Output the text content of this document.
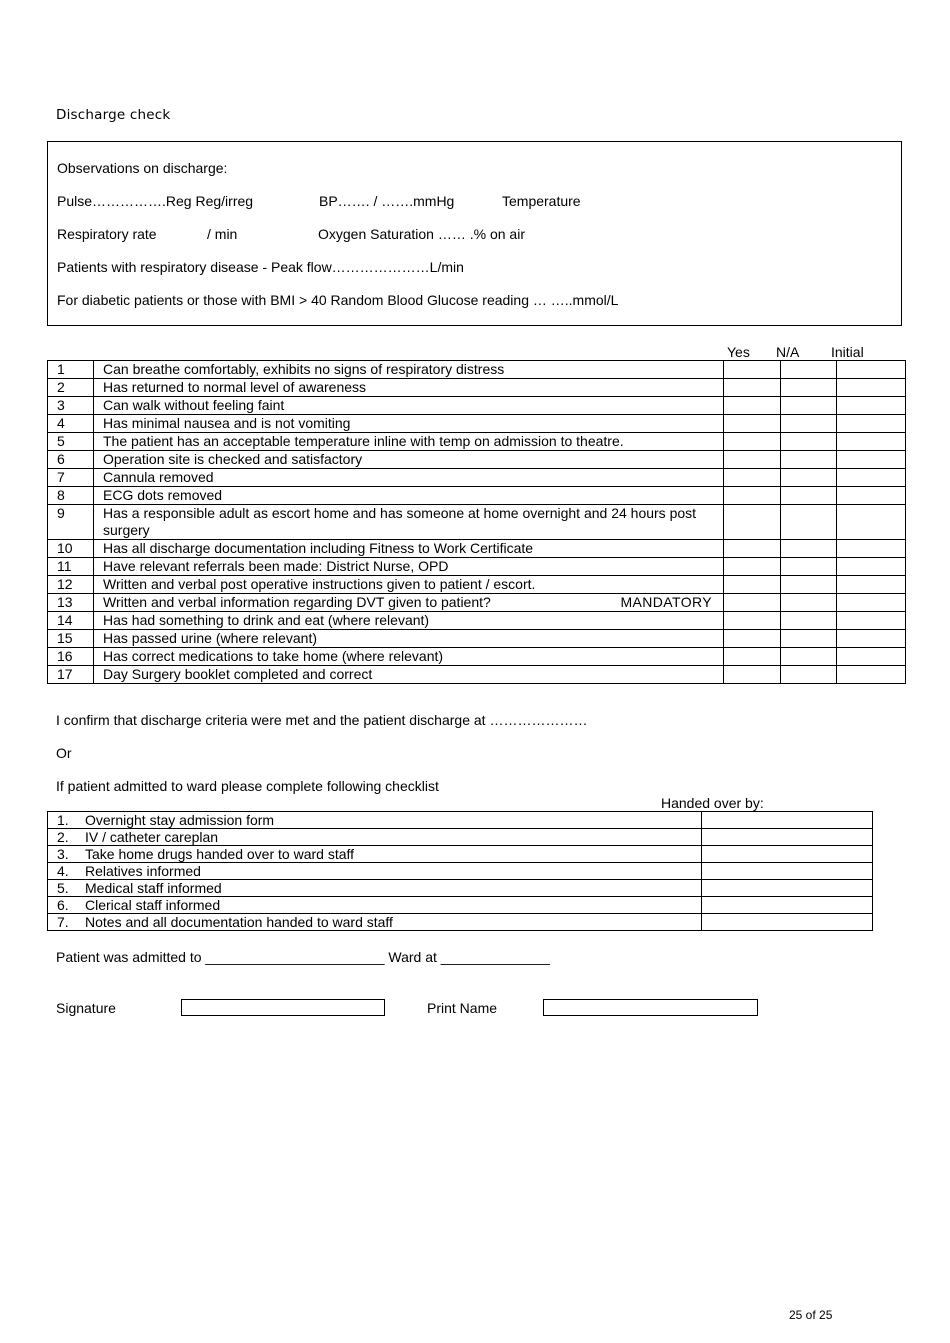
Discharge check
Observations on discharge:
Pulse…………….Reg Reg/irreg	BP……. / …….mmHg	Temperature
Respiratory rate	/ min	Oxygen Saturation …… .% on air
Patients with respiratory disease - Peak flow…………………L/min
For diabetic patients or those with BMI > 40 Random Blood Glucose reading … …..mmol/L
Yes N/A Initial
1	Can breathe comfortably, exhibits no signs of respiratory distress			
2	Has returned to normal level of awareness			
3	Can walk without feeling faint			
4	Has minimal nausea and is not vomiting			
5	The patient has an acceptable temperature inline with temp on admission to theatre.			
6	Operation site is checked and satisfactory			
7	Cannula removed			
8	ECG dots removed			
9	Has a responsible adult as escort home and has someone at home overnight and 24 hours post surgery			
10	Has all discharge documentation including Fitness to Work Certificate			
11	Have relevant referrals been made: District Nurse, OPD			
12	Written and verbal post operative instructions given to patient / escort.			
13	Written and verbal information regarding DVT given to patient? MANDATORY			

14	Has had something to drink and eat (where relevant)			
15	Has passed urine (where relevant)			
16	Has correct medications to take home (where relevant)			
17	Day Surgery booklet completed and correct			
I confirm that discharge criteria were met and the patient discharge at …………………
Or
If patient admitted to ward please complete following checklist
Handed over by:
1. Overnight stay admission form	
2. IV / catheter careplan	
3. Take home drugs handed over to ward staff	
4. Relatives informed	
5. Medical staff informed	
6. Clerical staff informed	
7. Notes and all documentation handed to ward staff	
Patient was admitted to _______________________ Ward at ______________
Signature	Print Name
25 of 25
